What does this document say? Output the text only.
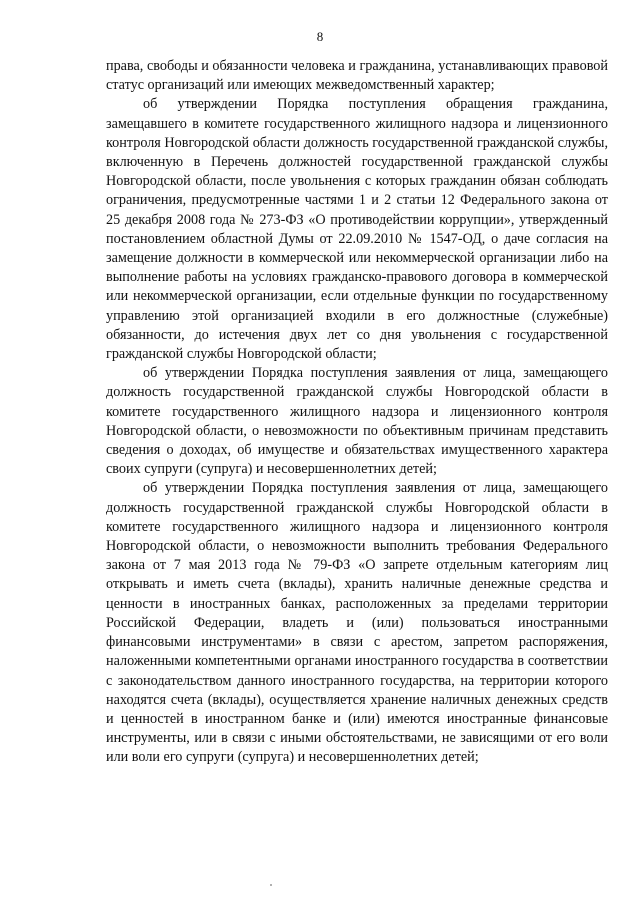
8

права, свободы и обязанности человека и гражданина, устанавливающих правовой статус организаций или имеющих межведомственный характер;

об утверждении Порядка поступления обращения гражданина, замещавшего в комитете государственного жилищного надзора и лицензионного контроля Новгородской области должность государственной гражданской службы, включенную в Перечень должностей государственной гражданской службы Новгородской области, после увольнения с которых гражданин обязан соблюдать ограничения, предусмотренные частями 1 и 2 статьи 12 Федерального закона от 25 декабря 2008 года № 273-ФЗ «О противодействии коррупции», утвержденный постановлением областной Думы от 22.09.2010 № 1547-ОД, о даче согласия на замещение должности в коммерческой или некоммерческой организации либо на выполнение работы на условиях гражданско-правового договора в коммерческой или некоммерческой организации, если отдельные функции по государственному управлению этой организацией входили в его должностные (служебные) обязанности, до истечения двух лет со дня увольнения с государственной гражданской службы Новгородской области;

об утверждении Порядка поступления заявления от лица, замещающего должность государственной гражданской службы Новгородской области в комитете государственного жилищного надзора и лицензионного контроля Новгородской области, о невозможности по объективным причинам представить сведения о доходах, об имуществе и обязательствах имущественного характера своих супруги (супруга) и несовершеннолетних детей;

об утверждении Порядка поступления заявления от лица, замещающего должность государственной гражданской службы Новгородской области в комитете государственного жилищного надзора и лицензионного контроля Новгородской области, о невозможности выполнить требования Федерального закона от 7 мая 2013 года № 79-ФЗ «О запрете отдельным категориям лиц открывать и иметь счета (вклады), хранить наличные денежные средства и ценности в иностранных банках, расположенных за пределами территории Российской Федерации, владеть и (или) пользоваться иностранными финансовыми инструментами» в связи с арестом, запретом распоряжения, наложенными компетентными органами иностранного государства в соответствии с законодательством данного иностранного государства, на территории которого находятся счета (вклады), осуществляется хранение наличных денежных средств и ценностей в иностранном банке и (или) имеются иностранные финансовые инструменты, или в связи с иными обстоятельствами, не зависящими от его воли или воли его супруги (супруга) и несовершеннолетних детей;
